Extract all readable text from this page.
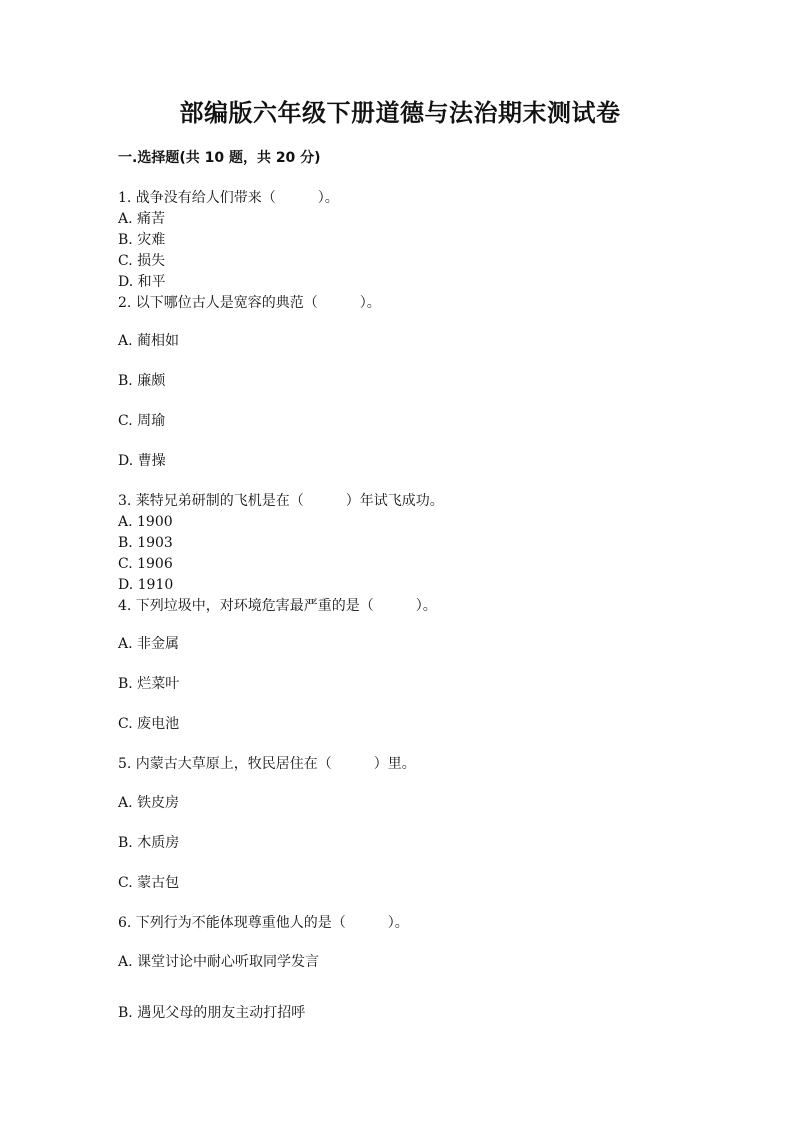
部编版六年级下册道德与法治期末测试卷
一.选择题(共 10 题，共 20 分)
1. 战争没有给人们带来（　　　）。
A. 痛苦
B. 灾难
C. 损失
D. 和平
2. 以下哪位古人是宽容的典范（　　　）。
A. 蔺相如
B. 廉颇
C. 周瑜
D. 曹操
3. 莱特兄弟研制的飞机是在（　　　）年试飞成功。
A. 1900
B. 1903
C. 1906
D. 1910
4. 下列垃圾中，对环境危害最严重的是（　　　）。
A. 非金属
B. 烂菜叶
C. 废电池
5. 内蒙古大草原上，牧民居住在（　　　）里。
A. 铁皮房
B. 木质房
C. 蒙古包
6. 下列行为不能体现尊重他人的是（　　　）。
A. 课堂讨论中耐心听取同学发言
B. 遇见父母的朋友主动打招呼
